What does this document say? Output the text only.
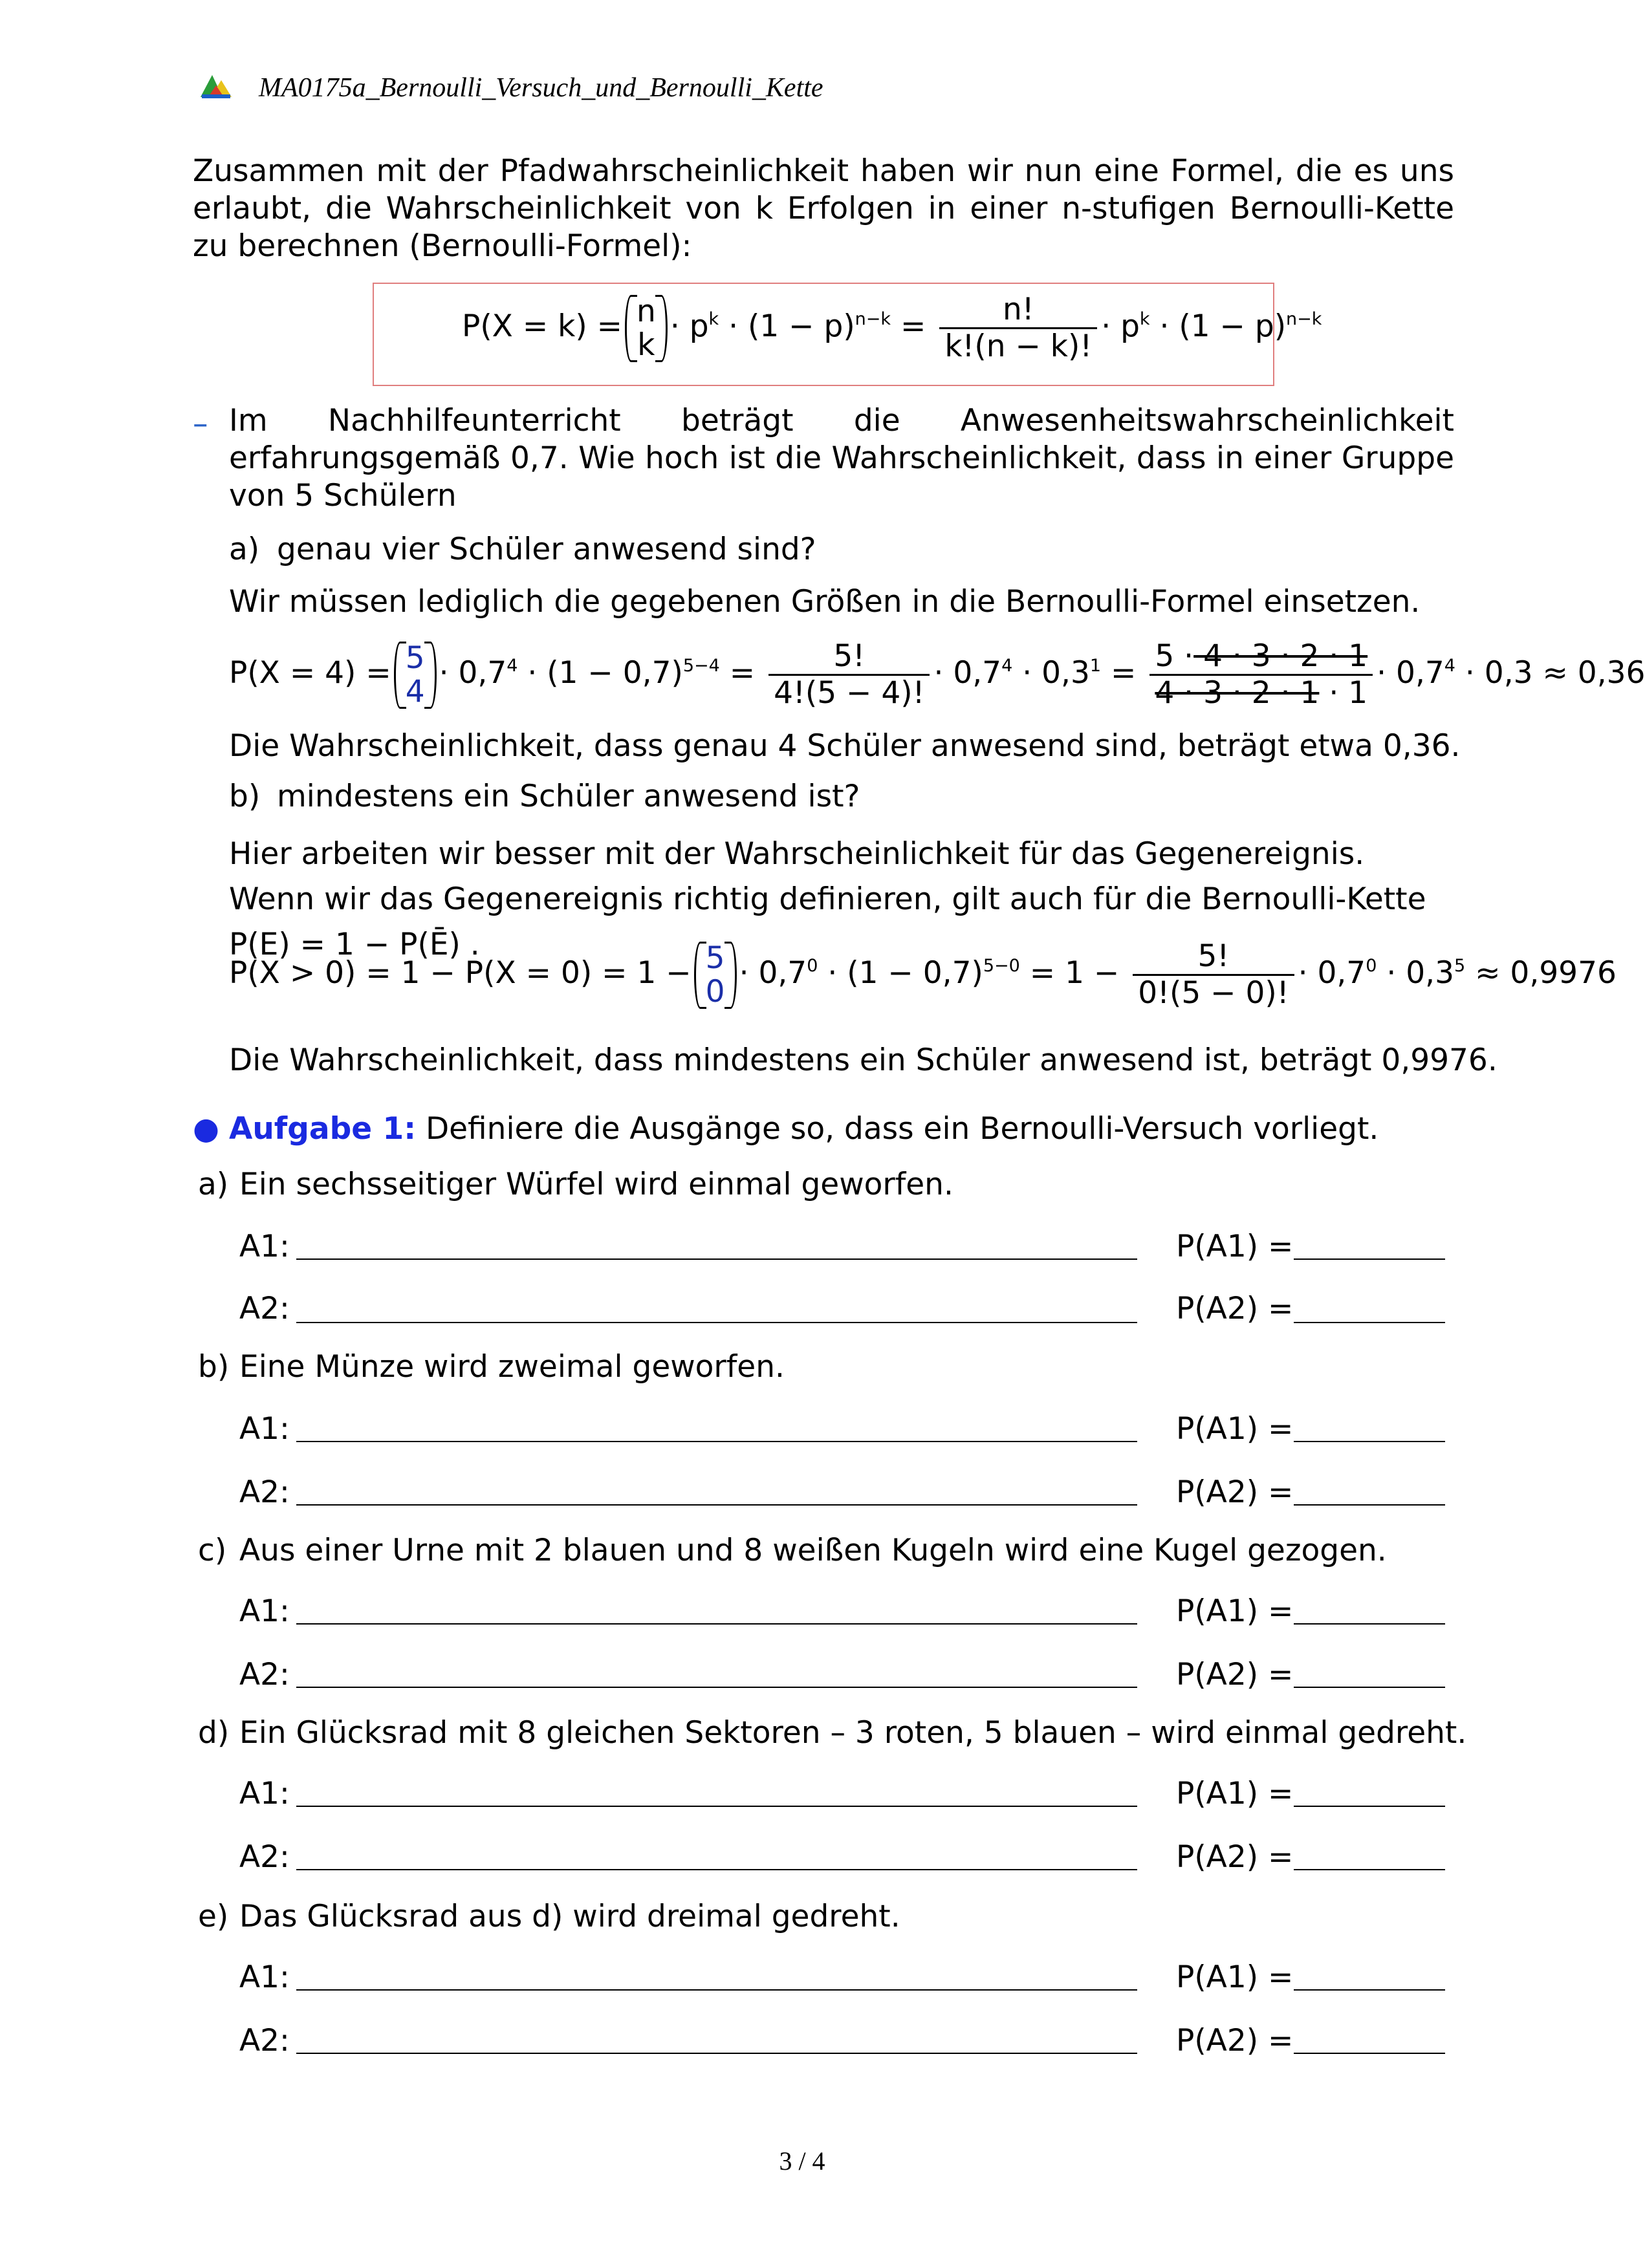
MA0175a_Bernoulli_Versuch_und_Bernoulli_Kette
Zusammen mit der Pfadwahrscheinlichkeit haben wir nun eine Formel, die es uns erlaubt, die Wahrscheinlichkeit von k Erfolgen in einer n-stufigen Bernoulli-Kette zu berechnen (Bernoulli-Formel):
P(X = k) = n
k
· $p^k \cdot (1 - p)^{n-k} = \frac{n!}{k!(n - k)!} \cdot p^k \cdot (1 - p)^{n-k}$
– Im Nachhilfeunterricht beträgt die Anwesenheitswahrscheinlichkeit erfahrungsgemäß 0,7. Wie hoch ist die Wahrscheinlichkeit, dass in einer Gruppe von 5 Schülern
a) genau vier Schüler anwesend sind?
Wir müssen lediglich die gegebenen Größen in die Bernoulli-Formel einsetzen.
P(X = 4) = 5
4
· $0,7^4 \cdot (1 - 0,7)^{5-4} = \frac{5!}{4!(5 - 4)!} \cdot 0,7^4 \cdot 0,3^1 = \frac{5 \cdot 4 \cdot 3 \cdot 2 \cdot 1}{4 \cdot 3 \cdot 2 \cdot 1 \cdot 1} \cdot 0,7^4 \cdot 0,3 \approx 0,36$
Die Wahrscheinlichkeit, dass genau 4 Schüler anwesend sind, beträgt etwa 0,36.
b) mindestens ein Schüler anwesend ist?
Hier arbeiten wir besser mit der Wahrscheinlichkeit für das Gegenereignis. Wenn wir das Gegenereignis richtig definieren, gilt auch für die Bernoulli-Kette P(E) = 1 − P(Ē) .
P(X > 0) = 1 − P(X = 0) = 1 − 5
0
· $0,7^0 \cdot (1 - 0,7)^{5-0} = 1 - \frac{5!}{0!(5 - 0)!} \cdot 0,7^0 \cdot 0,3^5 \approx 0,9976$
Die Wahrscheinlichkeit, dass mindestens ein Schüler anwesend ist, beträgt 0,9976.
● Aufgabe 1: Definiere die Ausgänge so, dass ein Bernoulli-Versuch vorliegt.
a) Ein sechsseitiger Würfel wird einmal geworfen.
A1:	P(A1) =
A2:	P(A2) =
b) Eine Münze wird zweimal geworfen.
A1:	P(A1) =
A2:	P(A2) =
c) Aus einer Urne mit 2 blauen und 8 weißen Kugeln wird eine Kugel gezogen.
A1:	P(A1) =
A2:	P(A2) =
d) Ein Glücksrad mit 8 gleichen Sektoren – 3 roten, 5 blauen – wird einmal gedreht.
A1:	P(A1) =
A2:	P(A2) =
e) Das Glücksrad aus d) wird dreimal gedreht.
A1:	P(A1) =
A2:	P(A2) =
3 / 4
